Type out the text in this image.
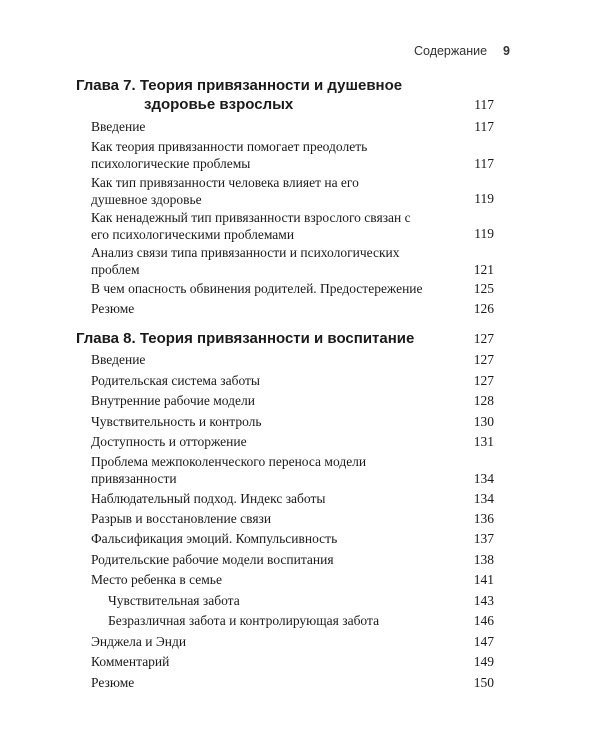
Содержание 9
Глава 7. Теория привязанности и душевное
здоровье взрослых	117
Введение	117
Как теория привязанности помогает преодолеть психологические проблемы	117
Как тип привязанности человека влияет на его душевное здоровье	119
Как ненадежный тип привязанности взрослого связан с его психологическими проблемами	119
Анализ связи типа привязанности и психологических проблем	121
В чем опасность обвинения родителей. Предостережение	125
Резюме	126
Глава 8. Теория привязанности и воспитание	127
Введение	127
Родительская система заботы	127
Внутренние рабочие модели	128
Чувствительность и контроль	130
Доступность и отторжение	131
Проблема межпоколенческого переноса модели привязанности	134
Наблюдательный подход. Индекс заботы	134
Разрыв и восстановление связи	136
Фальсификация эмоций. Компульсивность	137
Родительские рабочие модели воспитания	138
Место ребенка в семье	141
Чувствительная забота	143
Безразличная забота и контролирующая забота	146
Энджела и Энди	147
Комментарий	149
Резюме	150
